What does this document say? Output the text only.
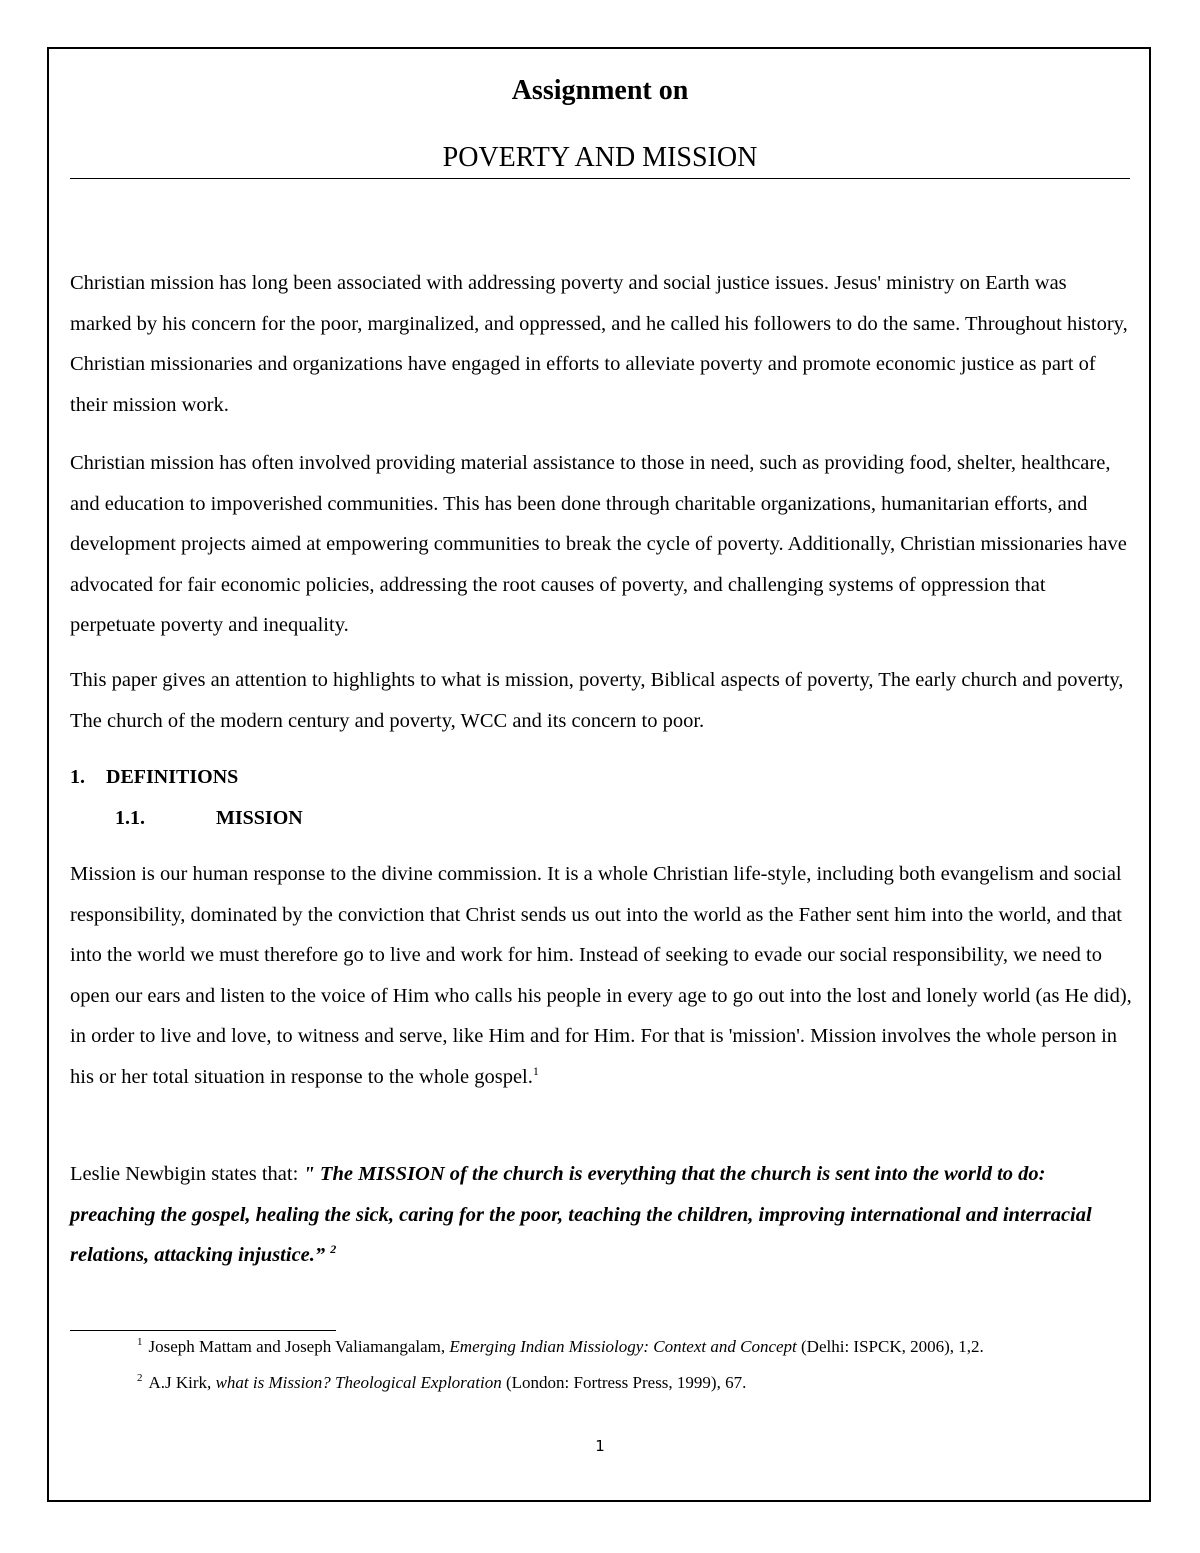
Assignment on
POVERTY AND MISSION

Christian mission has long been associated with addressing poverty and social justice issues. Jesus' ministry on Earth was marked by his concern for the poor, marginalized, and oppressed, and he called his followers to do the same. Throughout history, Christian missionaries and organizations have engaged in efforts to alleviate poverty and promote economic justice as part of their mission work.

Christian mission has often involved providing material assistance to those in need, such as providing food, shelter, healthcare, and education to impoverished communities. This has been done through charitable organizations, humanitarian efforts, and development projects aimed at empowering communities to break the cycle of poverty. Additionally, Christian missionaries have advocated for fair economic policies, addressing the root causes of poverty, and challenging systems of oppression that perpetuate poverty and inequality.

This paper gives an attention to highlights to what is mission, poverty, Biblical aspects of poverty, The early church and poverty, The church of the modern century and poverty, WCC and its concern to poor.

1. DEFINITIONS
1.1.	MISSION

Mission is our human response to the divine commission. It is a whole Christian life-style, including both evangelism and social responsibility, dominated by the conviction that Christ sends us out into the world as the Father sent him into the world, and that into the world we must therefore go to live and work for him. Instead of seeking to evade our social responsibility, we need to open our ears and listen to the voice of Him who calls his people in every age to go out into the lost and lonely world (as He did), in order to live and love, to witness and serve, like Him and for Him. For that is 'mission'. Mission involves the whole person in his or her total situation in response to the whole gospel.$^1$

Leslie Newbigin states that: " The MISSION of the church is everything that the church is sent into the world to do: preaching the gospel, healing the sick, caring for the poor, teaching the children, improving international and interracial relations, attacking injustice.” $^2$

$^1$ Joseph Mattam and Joseph Valiamangalam, Emerging Indian Missiology: Context and Concept (Delhi: ISPCK, 2006), 1,2.
$^2$ A.J Kirk, what is Mission? Theological Exploration (London: Fortress Press, 1999), 67.
1
